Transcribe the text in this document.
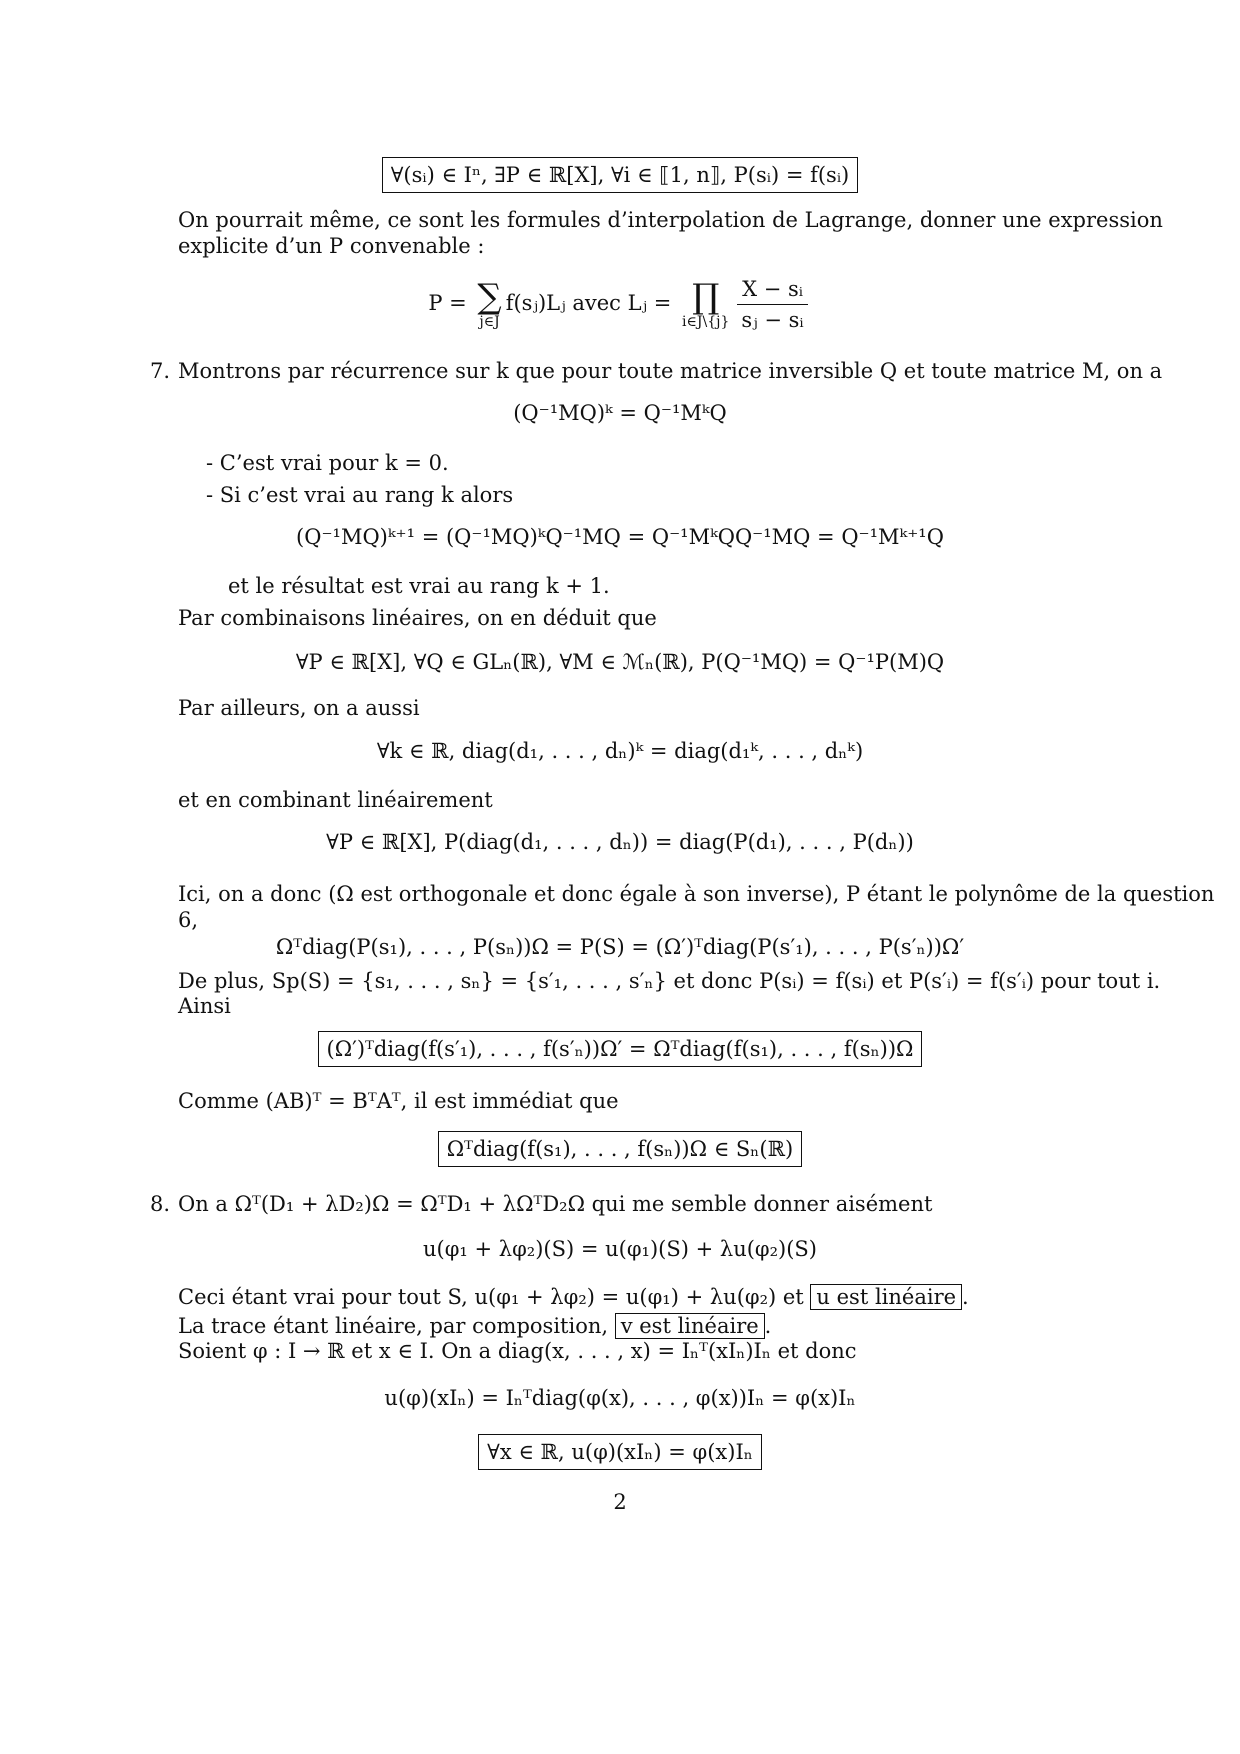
∀(sᵢ) ∈ Iⁿ, ∃P ∈ ℝ[X], ∀i ∈ ⟦1, n⟧, P(sᵢ) = f(sᵢ)
On pourrait même, ce sont les formules d’interpolation de Lagrange, donner une expression
explicite d’un P convenable :
P = ∑
j∈J
f(sⱼ)Lⱼ avec Lⱼ = ∏
i∈J\{j} $\frac{\text{X − sᵢ}}{\text{sⱼ − sᵢ}}$
7. Montrons par récurrence sur k que pour toute matrice inversible Q et toute matrice M, on a
(Q⁻¹MQ)ᵏ = Q⁻¹MᵏQ
- C’est vrai pour k = 0.
- Si c’est vrai au rang k alors
(Q⁻¹MQ)ᵏ⁺¹ = (Q⁻¹MQ)ᵏQ⁻¹MQ = Q⁻¹MᵏQQ⁻¹MQ = Q⁻¹Mᵏ⁺¹Q
et le résultat est vrai au rang k + 1.
Par combinaisons linéaires, on en déduit que
∀P ∈ ℝ[X], ∀Q ∈ GLₙ(ℝ), ∀M ∈ ℳₙ(ℝ), P(Q⁻¹MQ) = Q⁻¹P(M)Q
Par ailleurs, on a aussi
∀k ∈ ℝ, diag(d₁, . . . , dₙ)ᵏ = diag(d₁ᵏ, . . . , dₙᵏ)
et en combinant linéairement
∀P ∈ ℝ[X], P(diag(d₁, . . . , dₙ)) = diag(P(d₁), . . . , P(dₙ))
Ici, on a donc (Ω est orthogonale et donc égale à son inverse), P étant le polynôme de la question
6,
Ωᵀdiag(P(s₁), . . . , P(sₙ))Ω = P(S) = (Ω′)ᵀdiag(P(s′₁), . . . , P(s′ₙ))Ω′
De plus, Sp(S) = {s₁, . . . , sₙ} = {s′₁, . . . , s′ₙ} et donc P(sᵢ) = f(sᵢ) et P(s′ᵢ) = f(s′ᵢ) pour tout i.
Ainsi
(Ω′)ᵀdiag(f(s′₁), . . . , f(s′ₙ))Ω′ = Ωᵀdiag(f(s₁), . . . , f(sₙ))Ω
Comme (AB)ᵀ = BᵀAᵀ, il est immédiat que
Ωᵀdiag(f(s₁), . . . , f(sₙ))Ω ∈ Sₙ(ℝ)
8. On a Ωᵀ(D₁ + λD₂)Ω = ΩᵀD₁ + λΩᵀD₂Ω qui me semble donner aisément
u(φ₁ + λφ₂)(S) = u(φ₁)(S) + λu(φ₂)(S)
Ceci étant vrai pour tout S, u(φ₁ + λφ₂) = u(φ₁) + λu(φ₂) et u est linéaire .
La trace étant linéaire, par composition, v est linéaire .
Soient φ : I → ℝ et x ∈ I. On a diag(x, . . . , x) = Iₙᵀ(xIₙ)Iₙ et donc
u(φ)(xIₙ) = Iₙᵀdiag(φ(x), . . . , φ(x))Iₙ = φ(x)Iₙ
∀x ∈ ℝ, u(φ)(xIₙ) = φ(x)Iₙ
2
